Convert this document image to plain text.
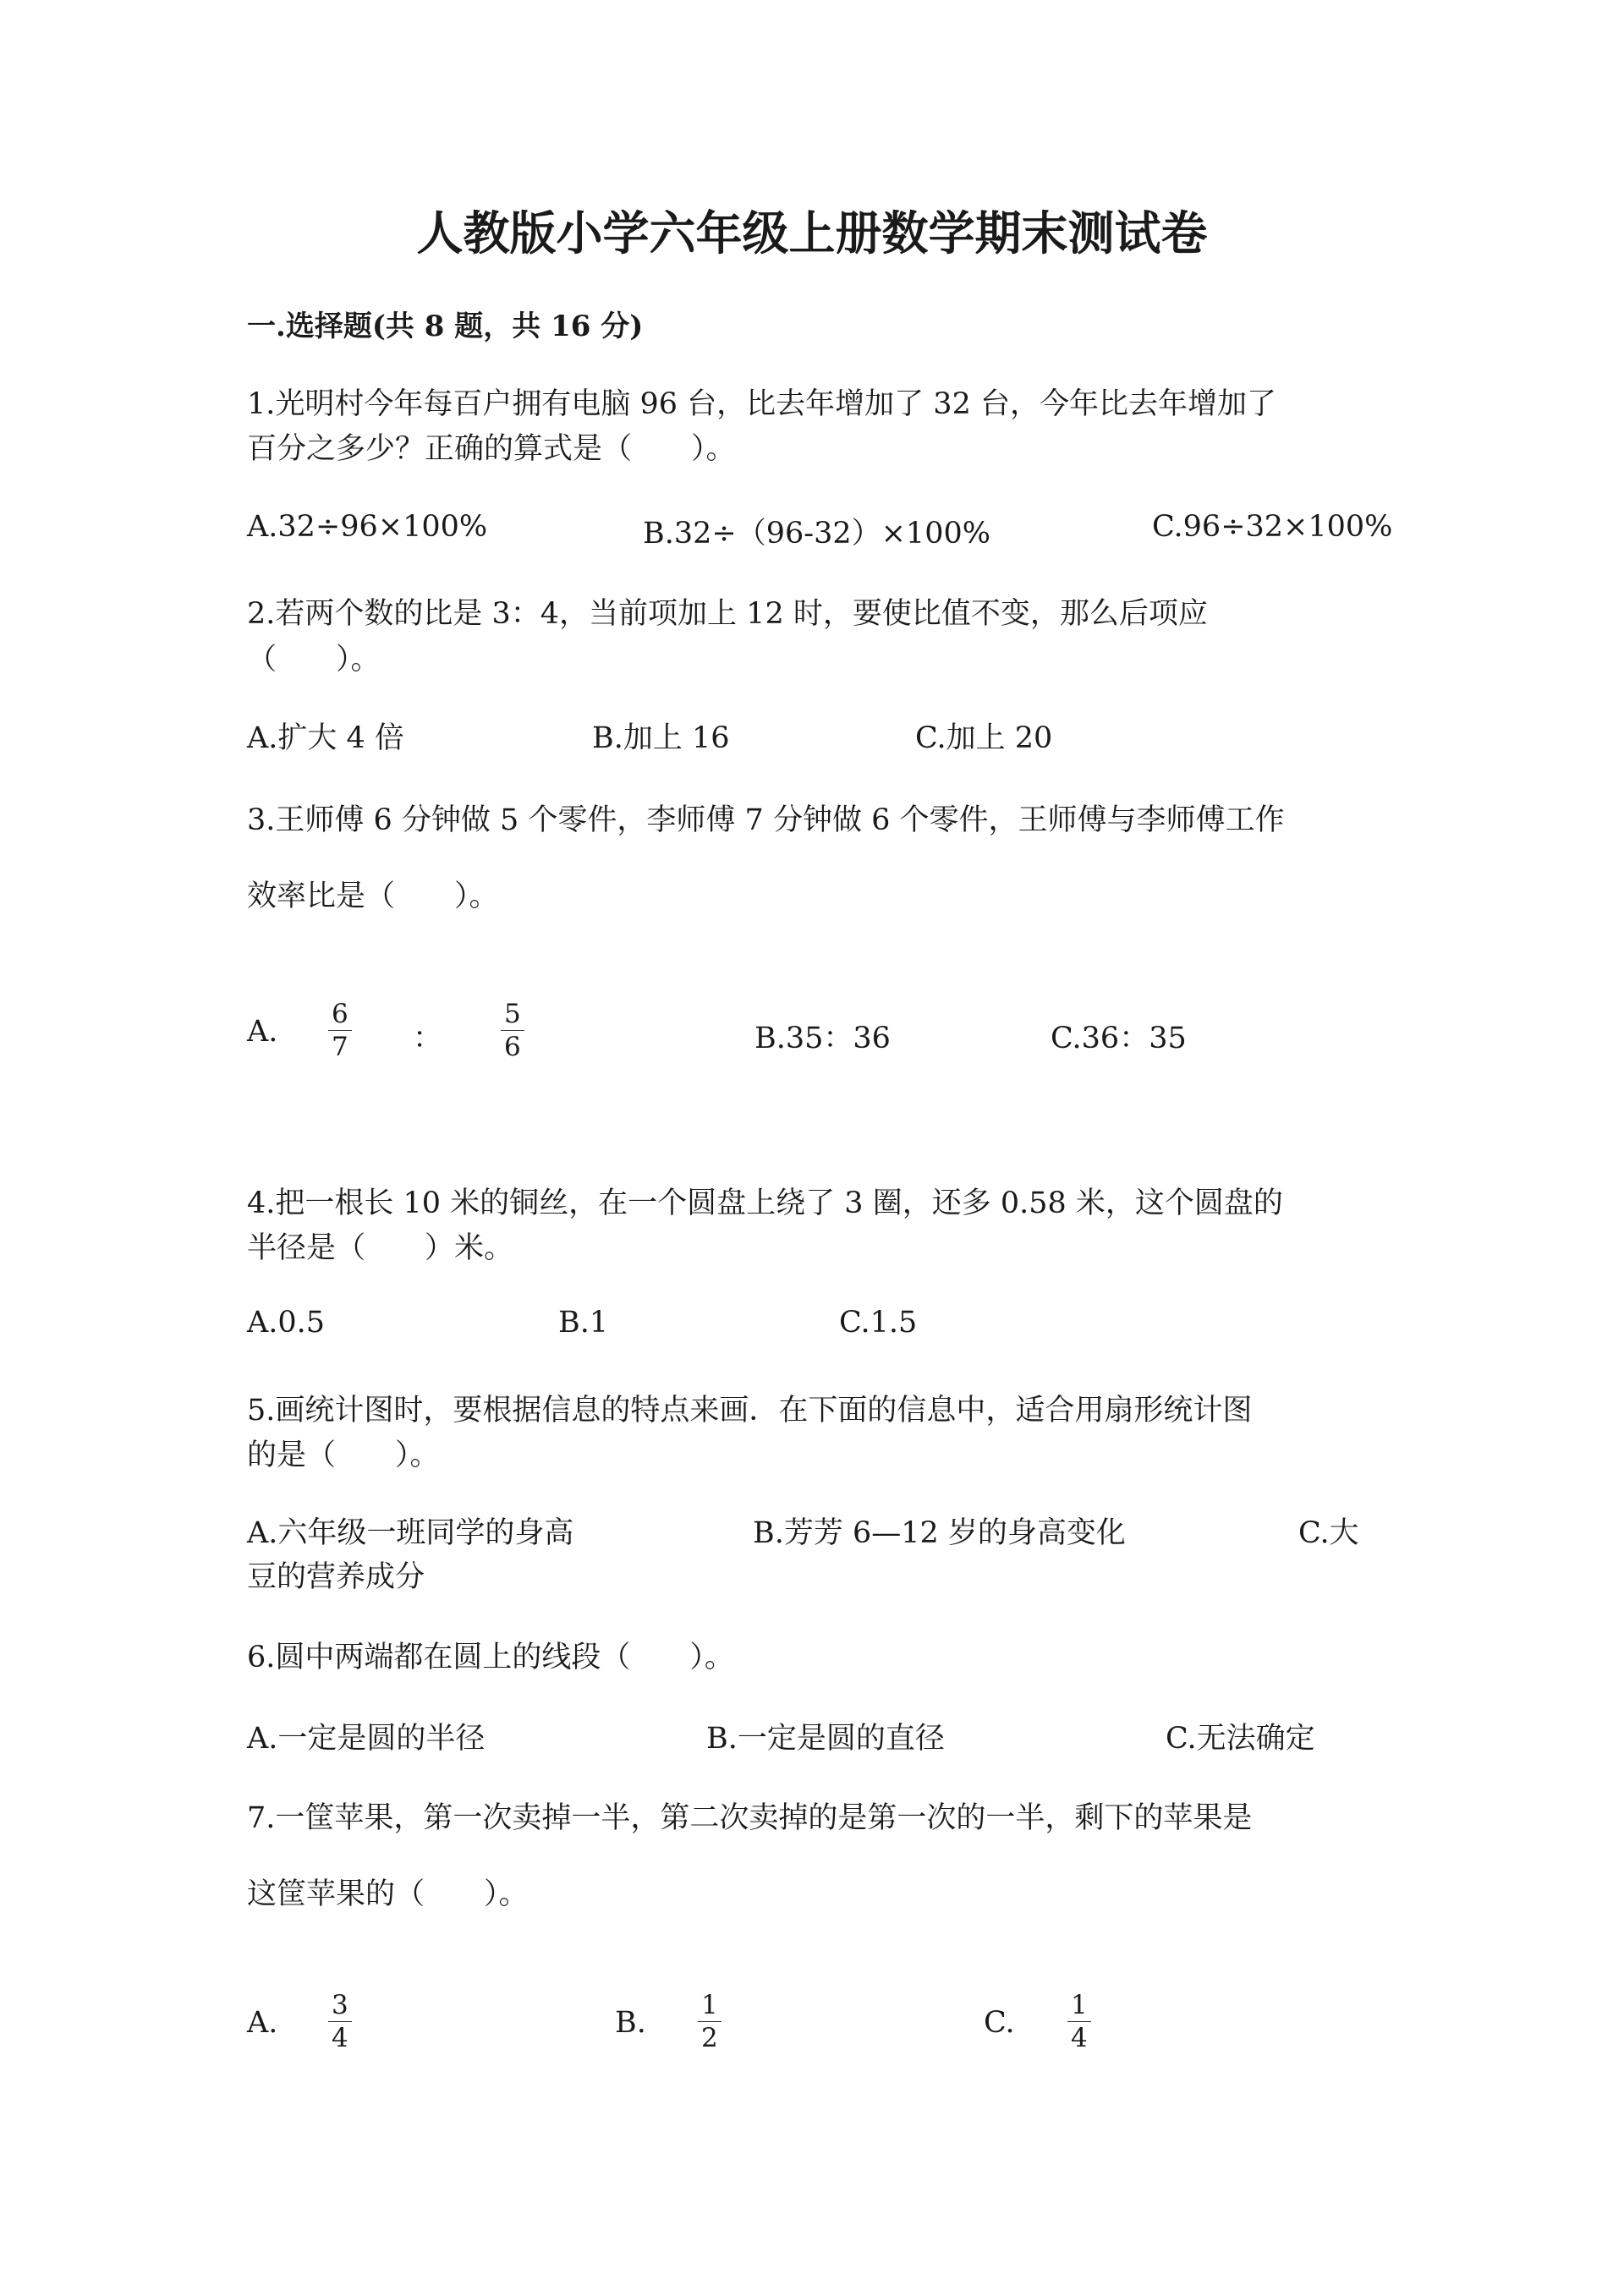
人教版小学六年级上册数学期末测试卷
一.选择题(共 8 题，共 16 分)
1.光明村今年每百户拥有电脑 96 台，比去年增加了 32 台，今年比去年增加了
百分之多少？正确的算式是（　　）。
A.32÷96×100%	B.32÷（96-32）×100%	C.96÷32×100%
2.若两个数的比是 3：4，当前项加上 12 时，要使比值不变，那么后项应
（　　）。
A.扩大 4 倍	B.加上 16	C.加上 20
3.王师傅 6 分钟做 5 个零件，李师傅 7 分钟做 6 个零件，王师傅与李师傅工作
效率比是（　　）。
A. $\frac{6}{7}$ ： $\frac{5}{6}$	B.35：36	C.36：35
4.把一根长 10 米的铜丝，在一个圆盘上绕了 3 圈，还多 0.58 米，这个圆盘的
半径是（　　）米。
A.0.5	B.1	C.1.5
5.画统计图时，要根据信息的特点来画．在下面的信息中，适合用扇形统计图
的是（　　）。
A.六年级一班同学的身高	B.芳芳 6—12 岁的身高变化	C.大
豆的营养成分
6.圆中两端都在圆上的线段（　　）。
A.一定是圆的半径	B.一定是圆的直径	C.无法确定
7.一筐苹果，第一次卖掉一半，第二次卖掉的是第一次的一半，剩下的苹果是
这筐苹果的（　　）。
A. $\frac{3}{4}$	B. $\frac{1}{2}$	C. $\frac{1}{4}$
